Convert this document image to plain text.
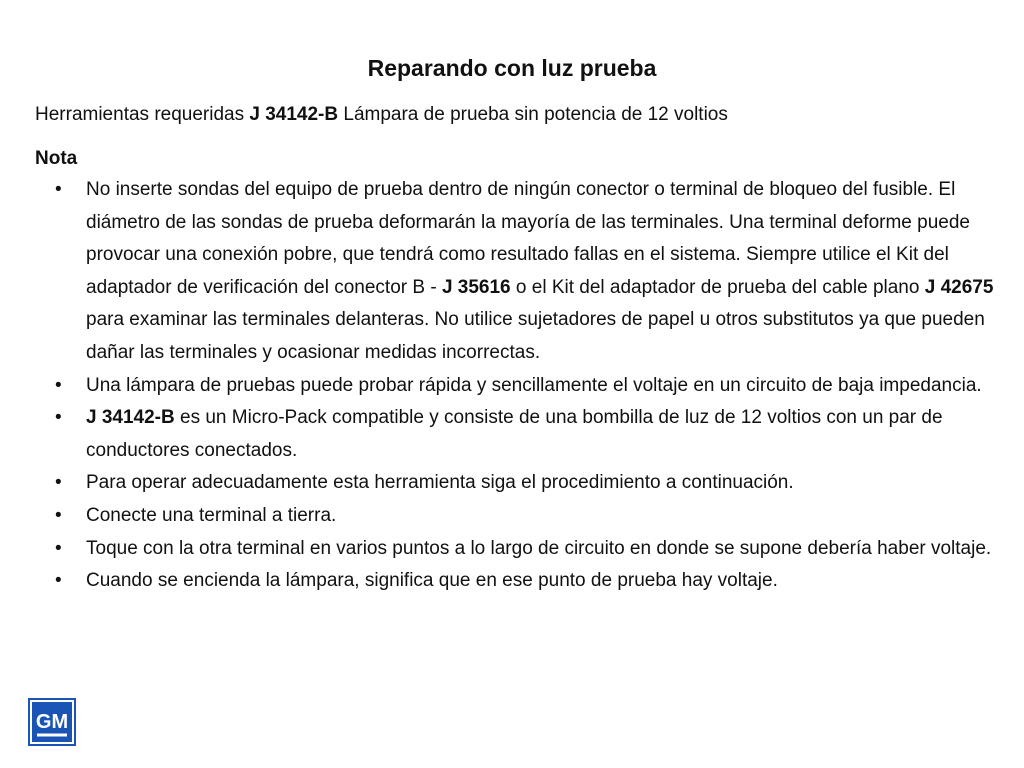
Reparando con luz prueba
Herramientas requeridas J 34142-B Lámpara de prueba sin potencia de 12 voltios
Nota
• No inserte sondas del equipo de prueba dentro de ningún conector o terminal de bloqueo del fusible. El diámetro de las sondas de prueba deformarán la mayoría de las terminales. Una terminal deforme puede provocar una conexión pobre, que tendrá como resultado fallas en el sistema. Siempre utilice el Kit del adaptador de verificación del conector B - J 35616 o el Kit del adaptador de prueba del cable plano J 42675 para examinar las terminales delanteras. No utilice sujetadores de papel u otros substitutos ya que pueden dañar las terminales y ocasionar medidas incorrectas.
• Una lámpara de pruebas puede probar rápida y sencillamente el voltaje en un circuito de baja impedancia.
• J 34142-B es un Micro-Pack compatible y consiste de una bombilla de luz de 12 voltios con un par de conductores conectados.
• Para operar adecuadamente esta herramienta siga el procedimiento a continuación.
• Conecte una terminal a tierra.
• Toque con la otra terminal en varios puntos a lo largo de circuito en donde se supone debería haber voltaje.
• Cuando se encienda la lámpara, significa que en ese punto de prueba hay voltaje.
GM
